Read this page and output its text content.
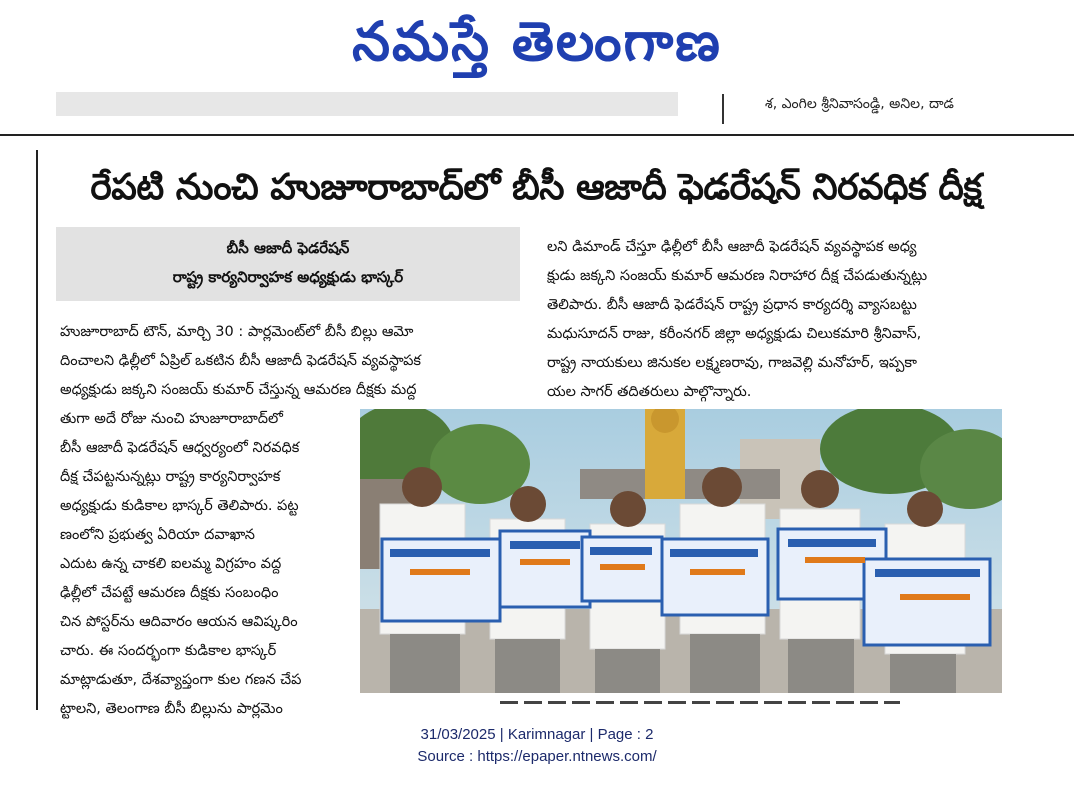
నమస్తే తెలంగాణ
శ, ఎంగిల శ్రీనివాసండ్డి, అనిల, దాడ
రేపటి నుంచి హుజూరాబాద్‌లో బీసీ ఆజాదీ ఫెడరేషన్ నిరవధిక దీక్ష
బీసీ ఆజాదీ ఫెడరేషన్
రాష్ట్ర కార్యనిర్వాహక అధ్యక్షుడు భాస్కర్

హుజూరాబాద్ టౌన్, మార్చి 30 : పార్లమెంట్‌లో బీసీ బిల్లు ఆమో

దించాలని ఢిల్లీలో ఏప్రిల్ ఒకటిన బీసీ ఆజాదీ ఫెడరేషన్ వ్యవస్థాపక

అధ్యక్షుడు జక్కని సంజయ్ కుమార్ చేస్తున్న ఆమరణ దీక్షకు మద్ద

తుగా అదే రోజు నుంచి హుజూరాబాద్‌లో

బీసీ ఆజాదీ ఫెడరేషన్ ఆధ్వర్యంలో నిరవధిక

దీక్ష చేపట్టనున్నట్లు రాష్ట్ర కార్యనిర్వాహక

అధ్యక్షుడు కుడికాల భాస్కర్ తెలిపారు. పట్ట

ణంలోని ప్రభుత్వ ఏరియా దవాఖాన

ఎదుట ఉన్న చాకలి ఐలమ్మ విగ్రహం వద్ద

ఢిల్లీలో చేపట్టే ఆమరణ దీక్షకు సంబంధిం

చిన పోస్టర్‌ను ఆదివారం ఆయన ఆవిష్కరిం

చారు. ఈ సందర్భంగా కుడికాల భాస్కర్

మాట్లాడుతూ, దేశవ్యాప్తంగా కుల గణన చేప

ట్టాలని, తెలంగాణ బీసీ బిల్లును పార్లమెం

లని డిమాండ్ చేస్తూ ఢిల్లీలో బీసీ ఆజాదీ ఫెడరేషన్ వ్యవస్థాపక అధ్య

క్షుడు జక్కని సంజయ్ కుమార్ ఆమరణ నిరాహార దీక్ష చేపడుతున్నట్లు

తెలిపారు. బీసీ ఆజాదీ ఫెడరేషన్ రాష్ట్ర ప్రధాన కార్యదర్శి వ్యాసబట్టు

మధుసూదన్ రాజు, కరీంనగర్ జిల్లా అధ్యక్షుడు చిలుకమారి శ్రీనివాస్,

రాష్ట్ర నాయకులు జినుకల లక్ష్మణరావు, గాజవెల్లి మనోహర్, ఇప్పకా

యల సాగర్ తదితరులు పాల్గొన్నారు.

31/03/2025 | Karimnagar | Page : 2
Source : https://epaper.ntnews.com/
